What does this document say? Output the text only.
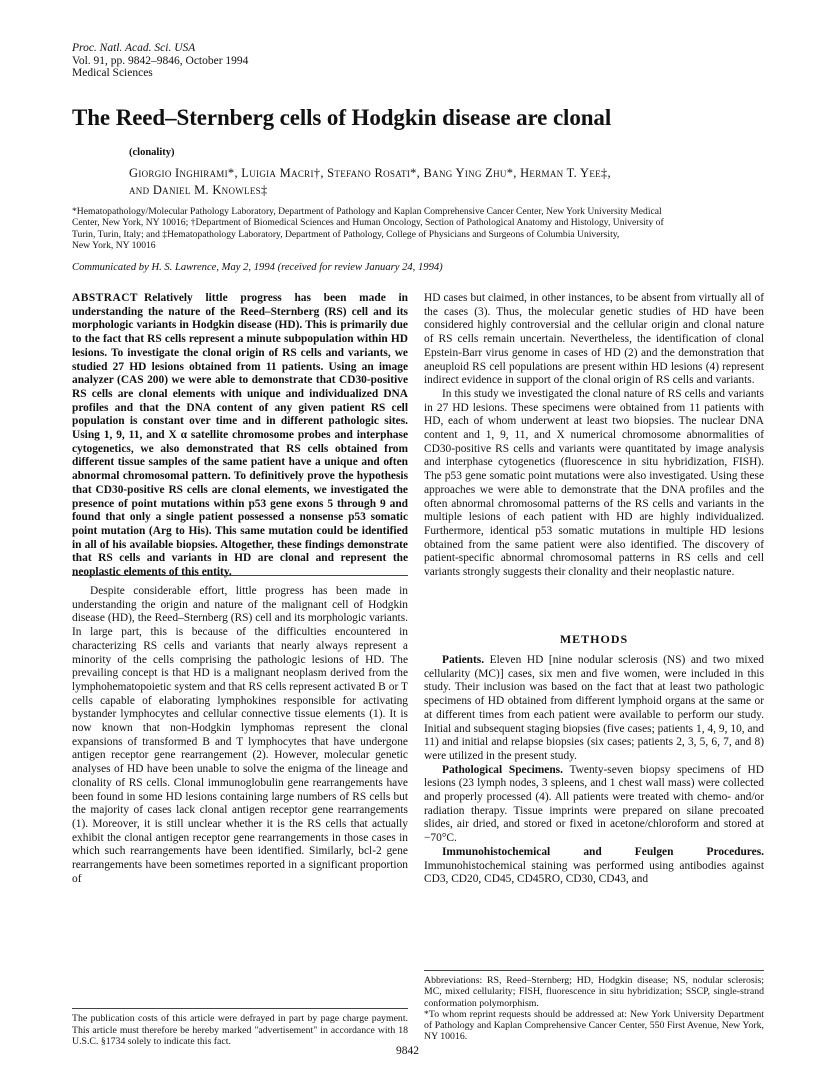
Proc. Natl. Acad. Sci. USA
Vol. 91, pp. 9842–9846, October 1994
Medical Sciences
The Reed–Sternberg cells of Hodgkin disease are clonal
(clonality)
Giorgio Inghirami*, Luigia Macri†, Stefano Rosati*, Bang Ying Zhu*, Herman T. Yee‡,
and Daniel M. Knowles‡
*Hematopathology/Molecular Pathology Laboratory, Department of Pathology and Kaplan Comprehensive Cancer Center, New York University Medical
Center, New York, NY 10016; †Department of Biomedical Sciences and Human Oncology, Section of Pathological Anatomy and Histology, University of
Turin, Turin, Italy; and ‡Hematopathology Laboratory, Department of Pathology, College of Physicians and Surgeons of Columbia University,
New York, NY 10016
Communicated by H. S. Lawrence, May 2, 1994 (received for review January 24, 1994)

ABSTRACT Relatively little progress has been made in understanding the nature of the Reed–Sternberg (RS) cell and its morphologic variants in Hodgkin disease (HD). This is primarily due to the fact that RS cells represent a minute subpopulation within HD lesions. To investigate the clonal origin of RS cells and variants, we studied 27 HD lesions obtained from 11 patients. Using an image analyzer (CAS 200) we were able to demonstrate that CD30-positive RS cells are clonal elements with unique and individualized DNA profiles and that the DNA content of any given patient RS cell population is constant over time and in different pathologic sites. Using 1, 9, 11, and X α satellite chromosome probes and interphase cytogenetics, we also demonstrated that RS cells obtained from different tissue samples of the same patient have a unique and often abnormal chromosomal pattern. To definitively prove the hypothesis that CD30-positive RS cells are clonal elements, we investigated the presence of point mutations within p53 gene exons 5 through 9 and found that only a single patient possessed a nonsense p53 somatic point mutation (Arg to His). This same mutation could be identified in all of his available biopsies. Altogether, these findings demonstrate that RS cells and variants in HD are clonal and represent the neoplastic elements of this entity.

Despite considerable effort, little progress has been made in understanding the origin and nature of the malignant cell of Hodgkin disease (HD), the Reed–Sternberg (RS) cell and its morphologic variants. In large part, this is because of the difficulties encountered in characterizing RS cells and variants that nearly always represent a minority of the cells comprising the pathologic lesions of HD. The prevailing concept is that HD is a malignant neoplasm derived from the lymphohematopoietic system and that RS cells represent activated B or T cells capable of elaborating lymphokines responsible for activating bystander lymphocytes and cellular connective tissue elements (1). It is now known that non-Hodgkin lymphomas represent the clonal expansions of transformed B and T lymphocytes that have undergone antigen receptor gene rearrangement (2). However, molecular genetic analyses of HD have been unable to solve the enigma of the lineage and clonality of RS cells. Clonal immunoglobulin gene rearrangements have been found in some HD lesions containing large numbers of RS cells but the majority of cases lack clonal antigen receptor gene rearrangements (1). Moreover, it is still unclear whether it is the RS cells that actually exhibit the clonal antigen receptor gene rearrangements in those cases in which such rearrangements have been identified. Similarly, bcl-2 gene rearrangements have been sometimes reported in a significant proportion of

The publication costs of this article were defrayed in part by page charge payment. This article must therefore be hereby marked "advertisement" in accordance with 18 U.S.C. §1734 solely to indicate this fact.

HD cases but claimed, in other instances, to be absent from virtually all of the cases (3). Thus, the molecular genetic studies of HD have been considered highly controversial and the cellular origin and clonal nature of RS cells remain uncertain. Nevertheless, the identification of clonal Epstein-Barr virus genome in cases of HD (2) and the demonstration that aneuploid RS cell populations are present within HD lesions (4) represent indirect evidence in support of the clonal origin of RS cells and variants.

In this study we investigated the clonal nature of RS cells and variants in 27 HD lesions. These specimens were obtained from 11 patients with HD, each of whom underwent at least two biopsies. The nuclear DNA content and 1, 9, 11, and X numerical chromosome abnormalities of CD30-positive RS cells and variants were quantitated by image analysis and interphase cytogenetics (fluorescence in situ hybridization, FISH). The p53 gene somatic point mutations were also investigated. Using these approaches we were able to demonstrate that the DNA profiles and the often abnormal chromosomal patterns of the RS cells and variants in the multiple lesions of each patient with HD are highly individualized. Furthermore, identical p53 somatic mutations in multiple HD lesions obtained from the same patient were also identified. The discovery of patient-specific abnormal chromosomal patterns in RS cells and cell variants strongly suggests their clonality and their neoplastic nature.

METHODS

Patients. Eleven HD [nine nodular sclerosis (NS) and two mixed cellularity (MC)] cases, six men and five women, were included in this study. Their inclusion was based on the fact that at least two pathologic specimens of HD obtained from different lymphoid organs at the same or at different times from each patient were available to perform our study. Initial and subsequent staging biopsies (five cases; patients 1, 4, 9, 10, and 11) and initial and relapse biopsies (six cases; patients 2, 3, 5, 6, 7, and 8) were utilized in the present study.

Pathological Specimens. Twenty-seven biopsy specimens of HD lesions (23 lymph nodes, 3 spleens, and 1 chest wall mass) were collected and properly processed (4). All patients were treated with chemo- and/or radiation therapy. Tissue imprints were prepared on silane precoated slides, air dried, and stored or fixed in acetone/chloroform and stored at −70°C.

Immunohistochemical and Feulgen Procedures. Immunohistochemical staining was performed using antibodies against CD3, CD20, CD45, CD45RO, CD30, CD43, and

Abbreviations: RS, Reed–Sternberg; HD, Hodgkin disease; NS, nodular sclerosis; MC, mixed cellularity; FISH, fluorescence in situ hybridization; SSCP, single-strand conformation polymorphism.
*To whom reprint requests should be addressed at: New York University Department of Pathology and Kaplan Comprehensive Cancer Center, 550 First Avenue, New York, NY 10016.
9842
